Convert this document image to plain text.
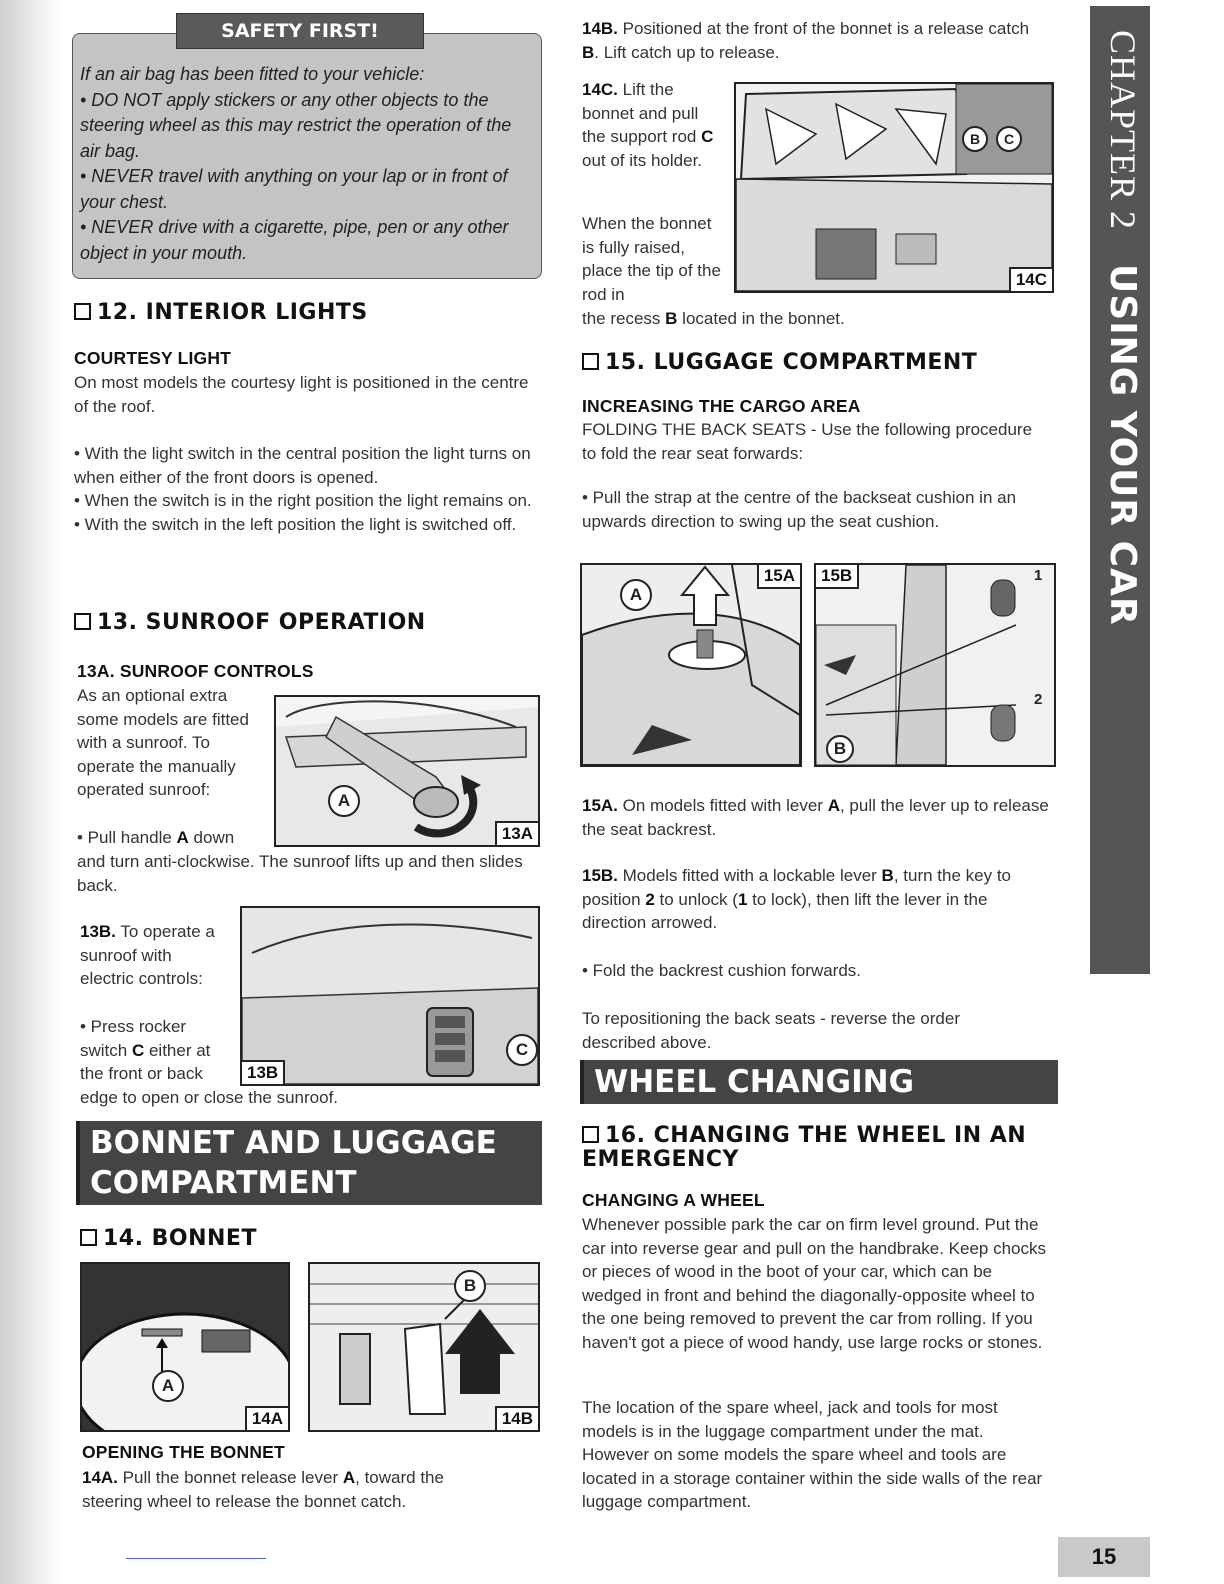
CHAPTER 2USING YOUR CAR
SAFETY FIRST!

If an air bag has been fitted to your vehicle:

• DO NOT apply stickers or any other objects to the steering wheel as this may restrict the operation of the air bag.

• NEVER travel with anything on your lap or in front of your chest.

• NEVER drive with a cigarette, pipe, pen or any other object in your mouth.

12. INTERIOR LIGHTS
COURTESY LIGHT

On most models the courtesy light is positioned in the centre of the roof.

• With the light switch in the central position the light turns on when either of the front doors is opened.

• When the switch is in the right position the light remains on.

• With the switch in the left position the light is switched off.

13. SUNROOF OPERATION
13A. SUNROOF CONTROLS

As an optional extra some models are fitted with a sunroof. To operate the manually operated sunroof:

• Pull handle A down

and turn anti-clockwise. The sunroof lifts up and then slides back.

A
13A
13B. To operate a sunroof with electric controls:
• Press rocker switch C either at the front or back

edge to open or close the sunroof.

C
13B
BONNET AND LUGGAGE
COMPARTMENT
14. BONNET
A
14A
B
14B
OPENING THE BONNET
14A. Pull the bonnet release lever A, toward the steering wheel to release the bonnet catch.
14B. Positioned at the front of the bonnet is a release catch B. Lift catch up to release.
14C. Lift the bonnet and pull the support rod C out of its holder.

When the bonnet is fully raised, place the tip of the rod in

the recess B located in the bonnet.
B	C
14C
15. LUGGAGE COMPARTMENT
INCREASING THE CARGO AREA

FOLDING THE BACK SEATS - Use the following procedure to fold the rear seat forwards:

• Pull the strap at the centre of the backseat cushion in an upwards direction to swing up the seat cushion.

A
15A
B
1
2
15B
15A. On models fitted with lever A, pull the lever up to release the seat backrest.
15B. Models fitted with a lockable lever B, turn the key to position 2 to unlock (1 to lock), then lift the lever in the direction arrowed.

• Fold the backrest cushion forwards.

To repositioning the back seats - reverse the order described above.

WHEEL CHANGING
16. CHANGING THE WHEEL IN AN EMERGENCY
CHANGING A WHEEL

Whenever possible park the car on firm level ground. Put the car into reverse gear and pull on the handbrake. Keep chocks or pieces of wood in the boot of your car, which can be wedged in front and behind the diagonally-opposite wheel to the one being removed to prevent the car from rolling. If you haven't got a piece of wood handy, use large rocks or stones.

The location of the spare wheel, jack and tools for most models is in the luggage compartment under the mat. However on some models the spare wheel and tools are located in a storage container within the side walls of the rear luggage compartment.

15
